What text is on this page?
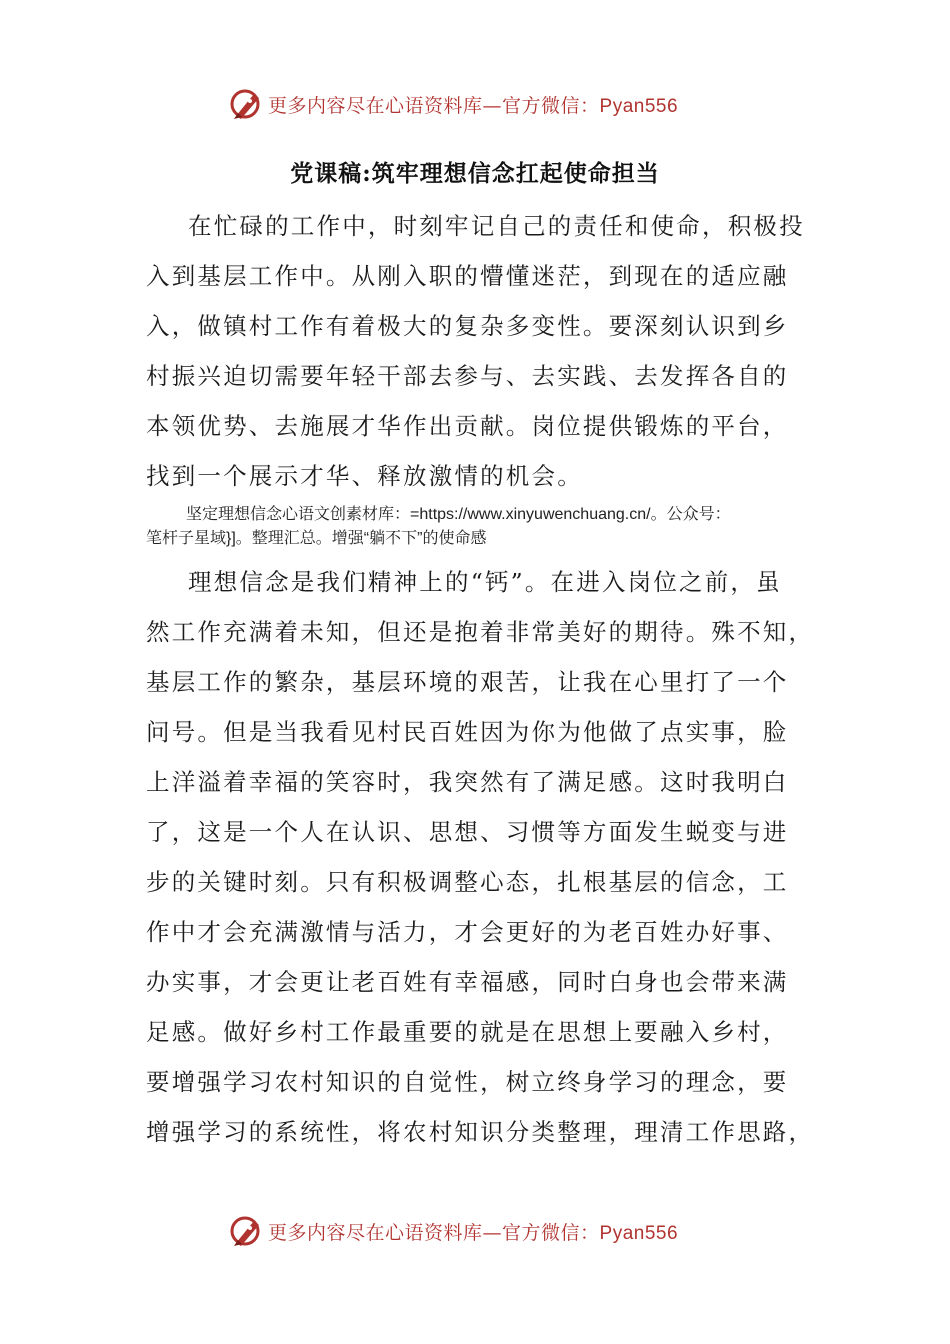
更多内容尽在心语资料库—官方微信：Pyan556
党课稿:筑牢理想信念扛起使命担当
在忙碌的工作中，时刻牢记自己的责任和使命，积极投
入到基层工作中。从刚入职的懵懂迷茫，到现在的适应融
入，做镇村工作有着极大的复杂多变性。要深刻认识到乡
村振兴迫切需要年轻干部去参与、去实践、去发挥各自的
本领优势、去施展才华作出贡献。岗位提供锻炼的平台，
找到一个展示才华、释放激情的机会。
坚定理想信念心语文创素材库：=https://www.xinyuwenchuang.cn/。公众号：
笔杆子星域}]。整理汇总。增强“躺不下”的使命感
理想信念是我们精神上的“钙”。在进入岗位之前，虽
然工作充满着未知，但还是抱着非常美好的期待。殊不知，
基层工作的繁杂，基层环境的艰苦，让我在心里打了一个
问号。但是当我看见村民百姓因为你为他做了点实事，脸
上洋溢着幸福的笑容时，我突然有了满足感。这时我明白
了，这是一个人在认识、思想、习惯等方面发生蜕变与进
步的关键时刻。只有积极调整心态，扎根基层的信念，工
作中才会充满激情与活力，才会更好的为老百姓办好事、
办实事，才会更让老百姓有幸福感，同时白身也会带来满
足感。做好乡村工作最重要的就是在思想上要融入乡村，
要增强学习农村知识的自觉性，树立终身学习的理念，要
增强学习的系统性，将农村知识分类整理，理清工作思路，
更多内容尽在心语资料库—官方微信：Pyan556
